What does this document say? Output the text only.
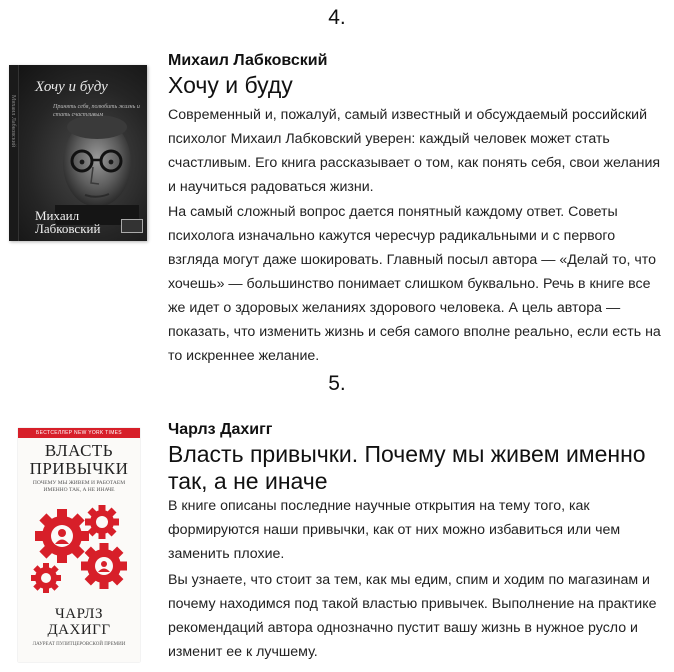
4.
Михаил Лабковский
Хочу и буду
Принять себя, полюбить жизнь и стать счастливым
Михаил
Лабковский
Михаил Лабковский
Хочу и буду
Современный и, пожалуй, самый известный и обсуждаемый российский психолог Михаил Лабковский уверен: каждый человек может стать счастливым. Его книга рассказывает о том, как понять себя, свои желания и научиться радоваться жизни.
На самый сложный вопрос дается понятный каждому ответ. Советы психолога изначально кажутся чересчур радикальными и с первого взгляда могут даже шокировать. Главный посыл автора — «Делай то, что хочешь» — большинство понимает слишком буквально. Речь в книге все же идет о здоровых желаниях здорового человека. А цель автора — показать, что изменить жизнь и себя самого вполне реально, если есть на то искреннее желание.
5.
БЕСТСЕЛЛЕР NEW YORK TIMES
ВЛАСТЬ
ПРИВЫЧКИ
ПОЧЕМУ МЫ ЖИВЕМ И РАБОТАЕМ ИМЕННО ТАК, А НЕ ИНАЧЕ
ЧАРЛЗ
ДАХИГГ
ЛАУРЕАТ ПУЛИТЦЕРОВСКОЙ ПРЕМИИ
Чарлз Дахигг
Власть привычки. Почему мы живем именно так, а не иначе
В книге описаны последние научные открытия на тему того, как формируются наши привычки, как от них можно избавиться или чем заменить плохие.
Вы узнаете, что стоит за тем, как мы едим, спим и ходим по магазинам и почему находимся под такой властью привычек. Выполнение на практике рекомендаций автора однозначно пустит вашу жизнь в нужное русло и изменит ее к лучшему.
